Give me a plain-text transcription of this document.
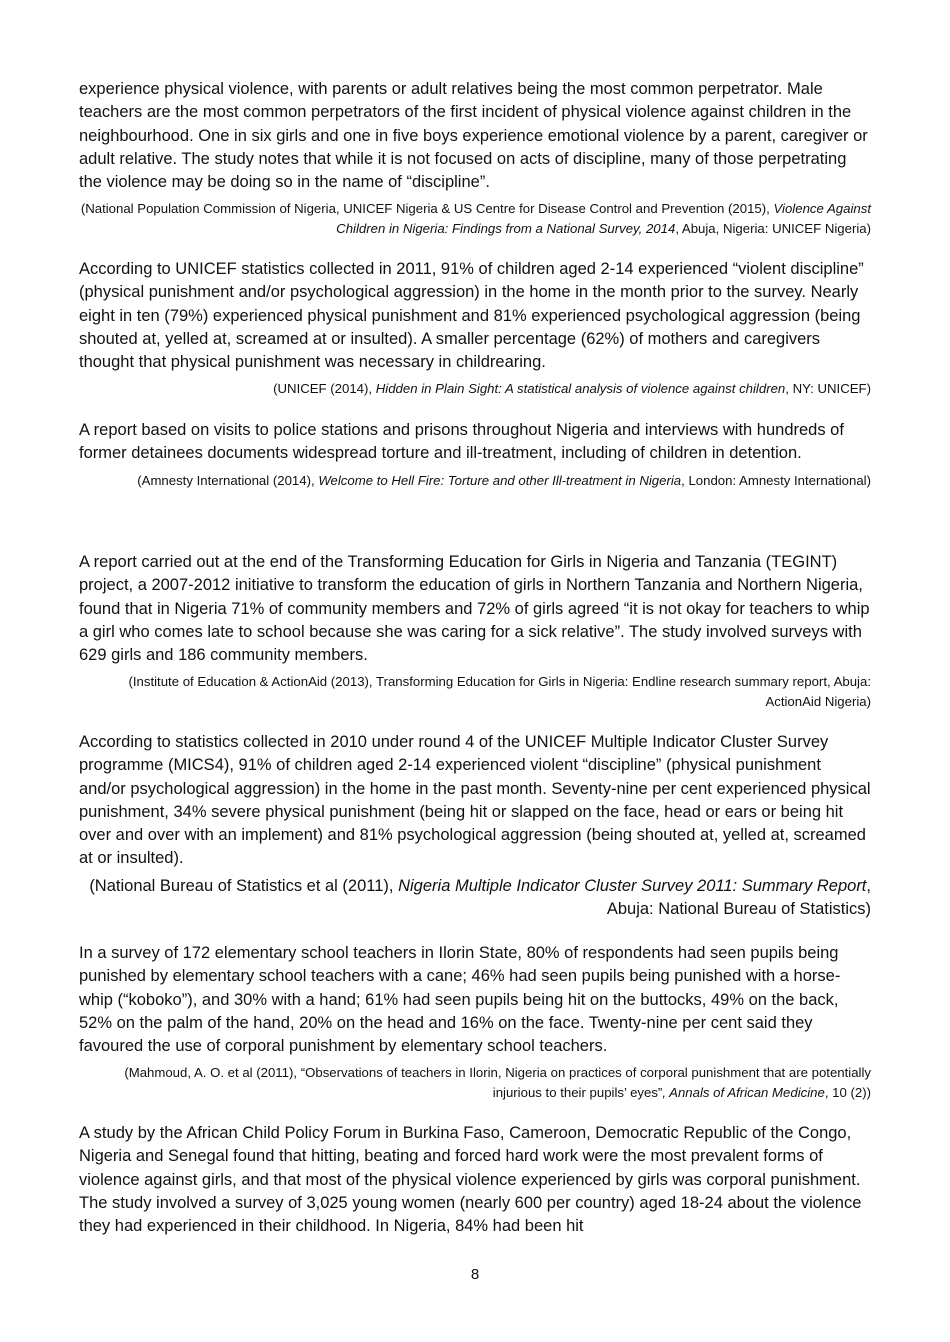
experience physical violence, with parents or adult relatives being the most common perpetrator. Male teachers are the most common perpetrators of the first incident of physical violence against children in the neighbourhood. One in six girls and one in five boys experience emotional violence by a parent, caregiver or adult relative. The study notes that while it is not focused on acts of discipline, many of those perpetrating the violence may be doing so in the name of “discipline”.

(National Population Commission of Nigeria, UNICEF Nigeria & US Centre for Disease Control and Prevention (2015), Violence Against Children in Nigeria: Findings from a National Survey, 2014, Abuja, Nigeria: UNICEF Nigeria)

According to UNICEF statistics collected in 2011, 91% of children aged 2-14 experienced “violent discipline” (physical punishment and/or psychological aggression) in the home in the month prior to the survey. Nearly eight in ten (79%) experienced physical punishment and 81% experienced psychological aggression (being shouted at, yelled at, screamed at or insulted). A smaller percentage (62%) of mothers and caregivers thought that physical punishment was necessary in childrearing.

(UNICEF (2014), Hidden in Plain Sight: A statistical analysis of violence against children, NY: UNICEF)

A report based on visits to police stations and prisons throughout Nigeria and interviews with hundreds of former detainees documents widespread torture and ill-treatment, including of children in detention.

(Amnesty International (2014), Welcome to Hell Fire: Torture and other Ill-treatment in Nigeria, London: Amnesty International)

A report carried out at the end of the Transforming Education for Girls in Nigeria and Tanzania (TEGINT) project, a 2007-2012 initiative to transform the education of girls in Northern Tanzania and Northern Nigeria, found that in Nigeria 71% of community members and 72% of girls agreed “it is not okay for teachers to whip a girl who comes late to school because she was caring for a sick relative”. The study involved surveys with 629 girls and 186 community members.

(Institute of Education & ActionAid (2013), Transforming Education for Girls in Nigeria: Endline research summary report, Abuja: ActionAid Nigeria)

According to statistics collected in 2010 under round 4 of the UNICEF Multiple Indicator Cluster Survey programme (MICS4), 91% of children aged 2-14 experienced violent “discipline” (physical punishment and/or psychological aggression) in the home in the past month. Seventy-nine per cent experienced physical punishment, 34% severe physical punishment (being hit or slapped on the face, head or ears or being hit over and over with an implement) and 81% psychological aggression (being shouted at, yelled at, screamed at or insulted).

(National Bureau of Statistics et al (2011), Nigeria Multiple Indicator Cluster Survey 2011: Summary Report, Abuja: National Bureau of Statistics)

In a survey of 172 elementary school teachers in Ilorin State, 80% of respondents had seen pupils being punished by elementary school teachers with a cane; 46% had seen pupils being punished with a horse-whip (“koboko”), and 30% with a hand; 61% had seen pupils being hit on the buttocks, 49% on the back, 52% on the palm of the hand, 20% on the head and 16% on the face. Twenty-nine per cent said they favoured the use of corporal punishment by elementary school teachers.

(Mahmoud, A. O. et al (2011), “Observations of teachers in Ilorin, Nigeria on practices of corporal punishment that are potentially injurious to their pupils’ eyes”, Annals of African Medicine, 10 (2))

A study by the African Child Policy Forum in Burkina Faso, Cameroon, Democratic Republic of the Congo, Nigeria and Senegal found that hitting, beating and forced hard work were the most prevalent forms of violence against girls, and that most of the physical violence experienced by girls was corporal punishment. The study involved a survey of 3,025 young women (nearly 600 per country) aged 18-24 about the violence they had experienced in their childhood. In Nigeria, 84% had been hit

8
